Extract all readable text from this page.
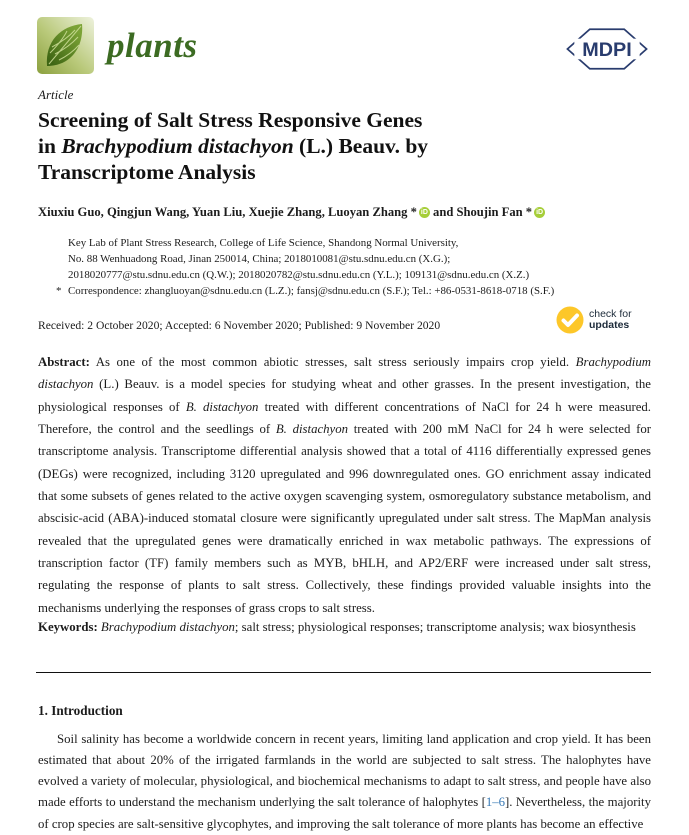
plants	MDPI
Article
Screening of Salt Stress Responsive Genes
in Brachypodium distachyon (L.) Beauv. by
Transcriptome Analysis
Xiuxiu Guo, Qingjun Wang, Yuan Liu, Xuejie Zhang, Luoyan Zhang * iD and Shoujin Fan * iD
Key Lab of Plant Stress Research, College of Life Science, Shandong Normal University,
No. 88 Wenhuadong Road, Jinan 250014, China; 2018010081@stu.sdnu.edu.cn (X.G.);
2018020777@stu.sdnu.edu.cn (Q.W.); 2018020782@stu.sdnu.edu.cn (Y.L.); 109131@sdnu.edu.cn (X.Z.)
* Correspondence: zhangluoyan@sdnu.edu.cn (L.Z.); fansj@sdnu.edu.cn (S.F.); Tel.: +86-0531-8618-0718 (S.F.)
Received: 2 October 2020; Accepted: 6 November 2020; Published: 9 November 2020
check for
updates

Abstract: As one of the most common abiotic stresses, salt stress seriously impairs crop yield. Brachypodium distachyon (L.) Beauv. is a model species for studying wheat and other grasses. In the present investigation, the physiological responses of B. distachyon treated with different concentrations of NaCl for 24 h were measured. Therefore, the control and the seedlings of B. distachyon treated with 200 mM NaCl for 24 h were selected for transcriptome analysis. Transcriptome differential analysis showed that a total of 4116 differentially expressed genes (DEGs) were recognized, including 3120 upregulated and 996 downregulated ones. GO enrichment assay indicated that some subsets of genes related to the active oxygen scavenging system, osmoregulatory substance metabolism, and abscisic-acid (ABA)-induced stomatal closure were significantly upregulated under salt stress. The MapMan analysis revealed that the upregulated genes were dramatically enriched in wax metabolic pathways. The expressions of transcription factor (TF) family members such as MYB, bHLH, and AP2/ERF were increased under salt stress, regulating the response of plants to salt stress. Collectively, these findings provided valuable insights into the mechanisms underlying the responses of grass crops to salt stress.

Keywords: Brachypodium distachyon; salt stress; physiological responses; transcriptome analysis; wax biosynthesis

1. Introduction

Soil salinity has become a worldwide concern in recent years, limiting land application and crop yield. It has been estimated that about 20% of the irrigated farmlands in the world are subjected to salt stress. The halophytes have evolved a variety of molecular, physiological, and biochemical mechanisms to adapt to salt stress, and people have also made efforts to understand the mechanism underlying the salt tolerance of halophytes [1–6]. Nevertheless, the majority of crop species are salt-sensitive glycophytes, and improving the salt tolerance of more plants has become an effective
